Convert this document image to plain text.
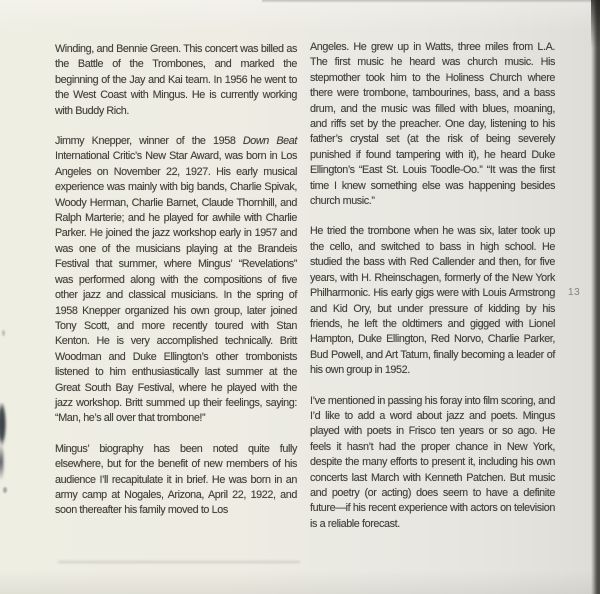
Winding, and Bennie Green. This concert was billed as the Battle of the Trombones, and marked the beginning of the Jay and Kai team. In 1956 he went to the West Coast with Mingus. He is currently working with Buddy Rich.

Jimmy Knepper, winner of the 1958 Down Beat International Critic’s New Star Award, was born in Los Angeles on November 22, 1927. His early musical experience was mainly with big bands, Charlie Spivak, Woody Herman, Charlie Barnet, Claude Thornhill, and Ralph Marterie; and he played for awhile with Charlie Parker. He joined the jazz workshop early in 1957 and was one of the musicians playing at the Brandeis Festival that summer, where Mingus’ “Revelations” was performed along with the compositions of five other jazz and classical musicians. In the spring of 1958 Knepper organized his own group, later joined Tony Scott, and more recently toured with Stan Kenton. He is very accomplished technically. Britt Woodman and Duke Ellington’s other trombonists listened to him enthusiastically last summer at the Great South Bay Festival, where he played with the jazz workshop. Britt summed up their feelings, saying: “Man, he’s all over that trombone!”

Mingus’ biography has been noted quite fully elsewhere, but for the benefit of new members of his audience I’ll recapitulate it in brief. He was born in an army camp at Nogales, Arizona, April 22, 1922, and soon thereafter his family moved to Los

Angeles. He grew up in Watts, three miles from L.A. The first music he heard was church music. His stepmother took him to the Holiness Church where there were trombone, tambourines, bass, and a bass drum, and the music was filled with blues, moaning, and riffs set by the preacher. One day, listening to his father’s crystal set (at the risk of being severely punished if found tampering with it), he heard Duke Ellington’s “East St. Louis Toodle-Oo.” “It was the first time I knew something else was happening besides church music.”

He tried the trombone when he was six, later took up the cello, and switched to bass in high school. He studied the bass with Red Callender and then, for five years, with H. Rheinschagen, formerly of the New York Philharmonic. His early gigs were with Louis Armstrong and Kid Ory, but under pressure of kidding by his friends, he left the oldtimers and gigged with Lionel Hampton, Duke Ellington, Red Norvo, Charlie Parker, Bud Powell, and Art Tatum, finally becoming a leader of his own group in 1952.

I’ve mentioned in passing his foray into film scoring, and I’d like to add a word about jazz and poets. Mingus played with poets in Frisco ten years or so ago. He feels it hasn’t had the proper chance in New York, despite the many efforts to present it, including his own concerts last March with Kenneth Patchen. But music and poetry (or acting) does seem to have a definite future—if his recent experience with actors on television is a reliable forecast.

13
